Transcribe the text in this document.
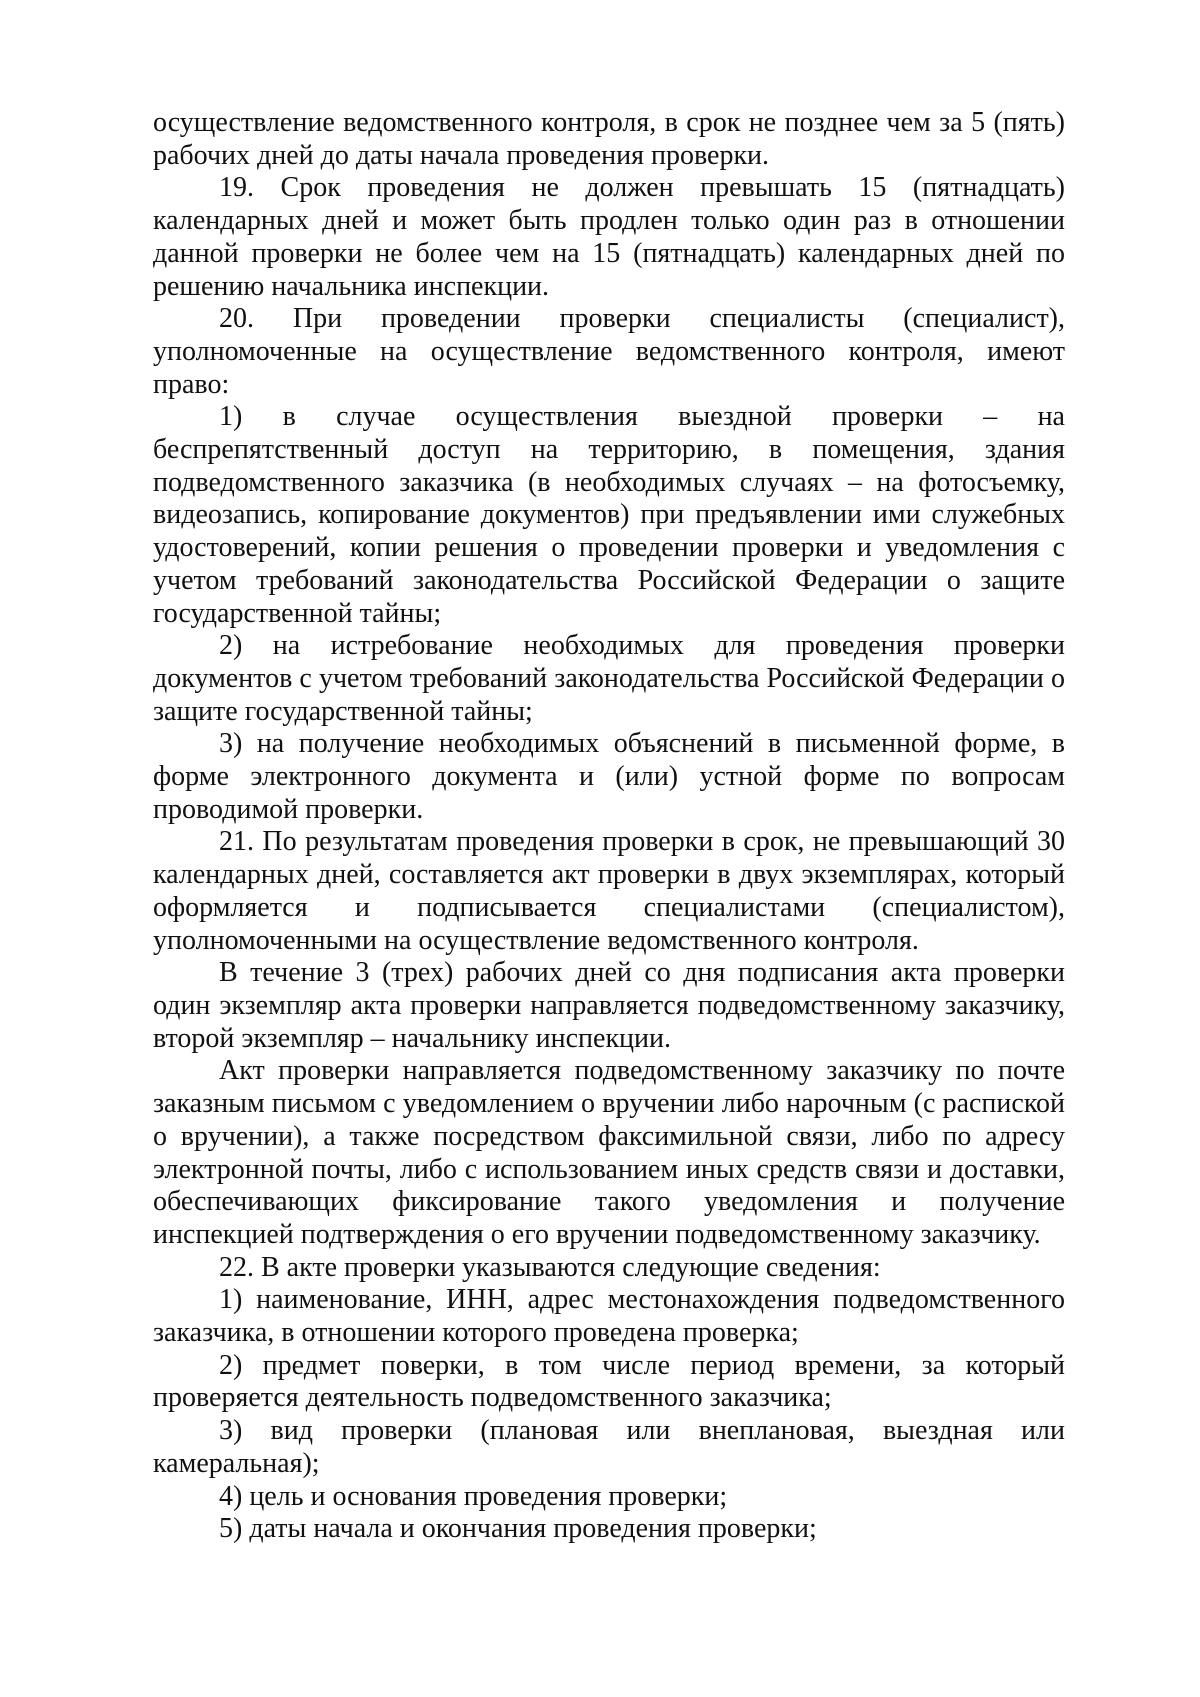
осуществление ведомственного контроля, в срок не позднее чем за 5 (пять) рабочих дней до даты начала проведения проверки.

19. Срок проведения не должен превышать 15 (пятнадцать) календарных дней и может быть продлен только один раз в отношении данной проверки не более чем на 15 (пятнадцать) календарных дней по решению начальника инспекции.

20. При проведении проверки специалисты (специалист), уполномоченные на осуществление ведомственного контроля, имеют право:

1) в случае осуществления выездной проверки – на беспрепятственный доступ на территорию, в помещения, здания подведомственного заказчика (в необходимых случаях – на фотосъемку, видеозапись, копирование документов) при предъявлении ими служебных удостоверений, копии решения о проведении проверки и уведомления с учетом требований законодательства Российской Федерации о защите государственной тайны;

2) на истребование необходимых для проведения проверки документов с учетом требований законодательства Российской Федерации о защите государственной тайны;

3) на получение необходимых объяснений в письменной форме, в форме электронного документа и (или) устной форме по вопросам проводимой проверки.

21. По результатам проведения проверки в срок, не превышающий 30 календарных дней, составляется акт проверки в двух экземплярах, который оформляется и подписывается специалистами (специалистом), уполномоченными на осуществление ведомственного контроля.

В течение 3 (трех) рабочих дней со дня подписания акта проверки один экземпляр акта проверки направляется подведомственному заказчику, второй экземпляр – начальнику инспекции.

Акт проверки направляется подведомственному заказчику по почте заказным письмом с уведомлением о вручении либо нарочным (с распиской о вручении), а также посредством факсимильной связи, либо по адресу электронной почты, либо с использованием иных средств связи и доставки, обеспечивающих фиксирование такого уведомления и получение инспекцией подтверждения о его вручении подведомственному заказчику.

22. В акте проверки указываются следующие сведения:

1) наименование, ИНН, адрес местонахождения подведомственного заказчика, в отношении которого проведена проверка;

2) предмет поверки, в том числе период времени, за который проверяется деятельность подведомственного заказчика;

3) вид проверки (плановая или внеплановая, выездная или камеральная);

4) цель и основания проведения проверки;

5) даты начала и окончания проведения проверки;
